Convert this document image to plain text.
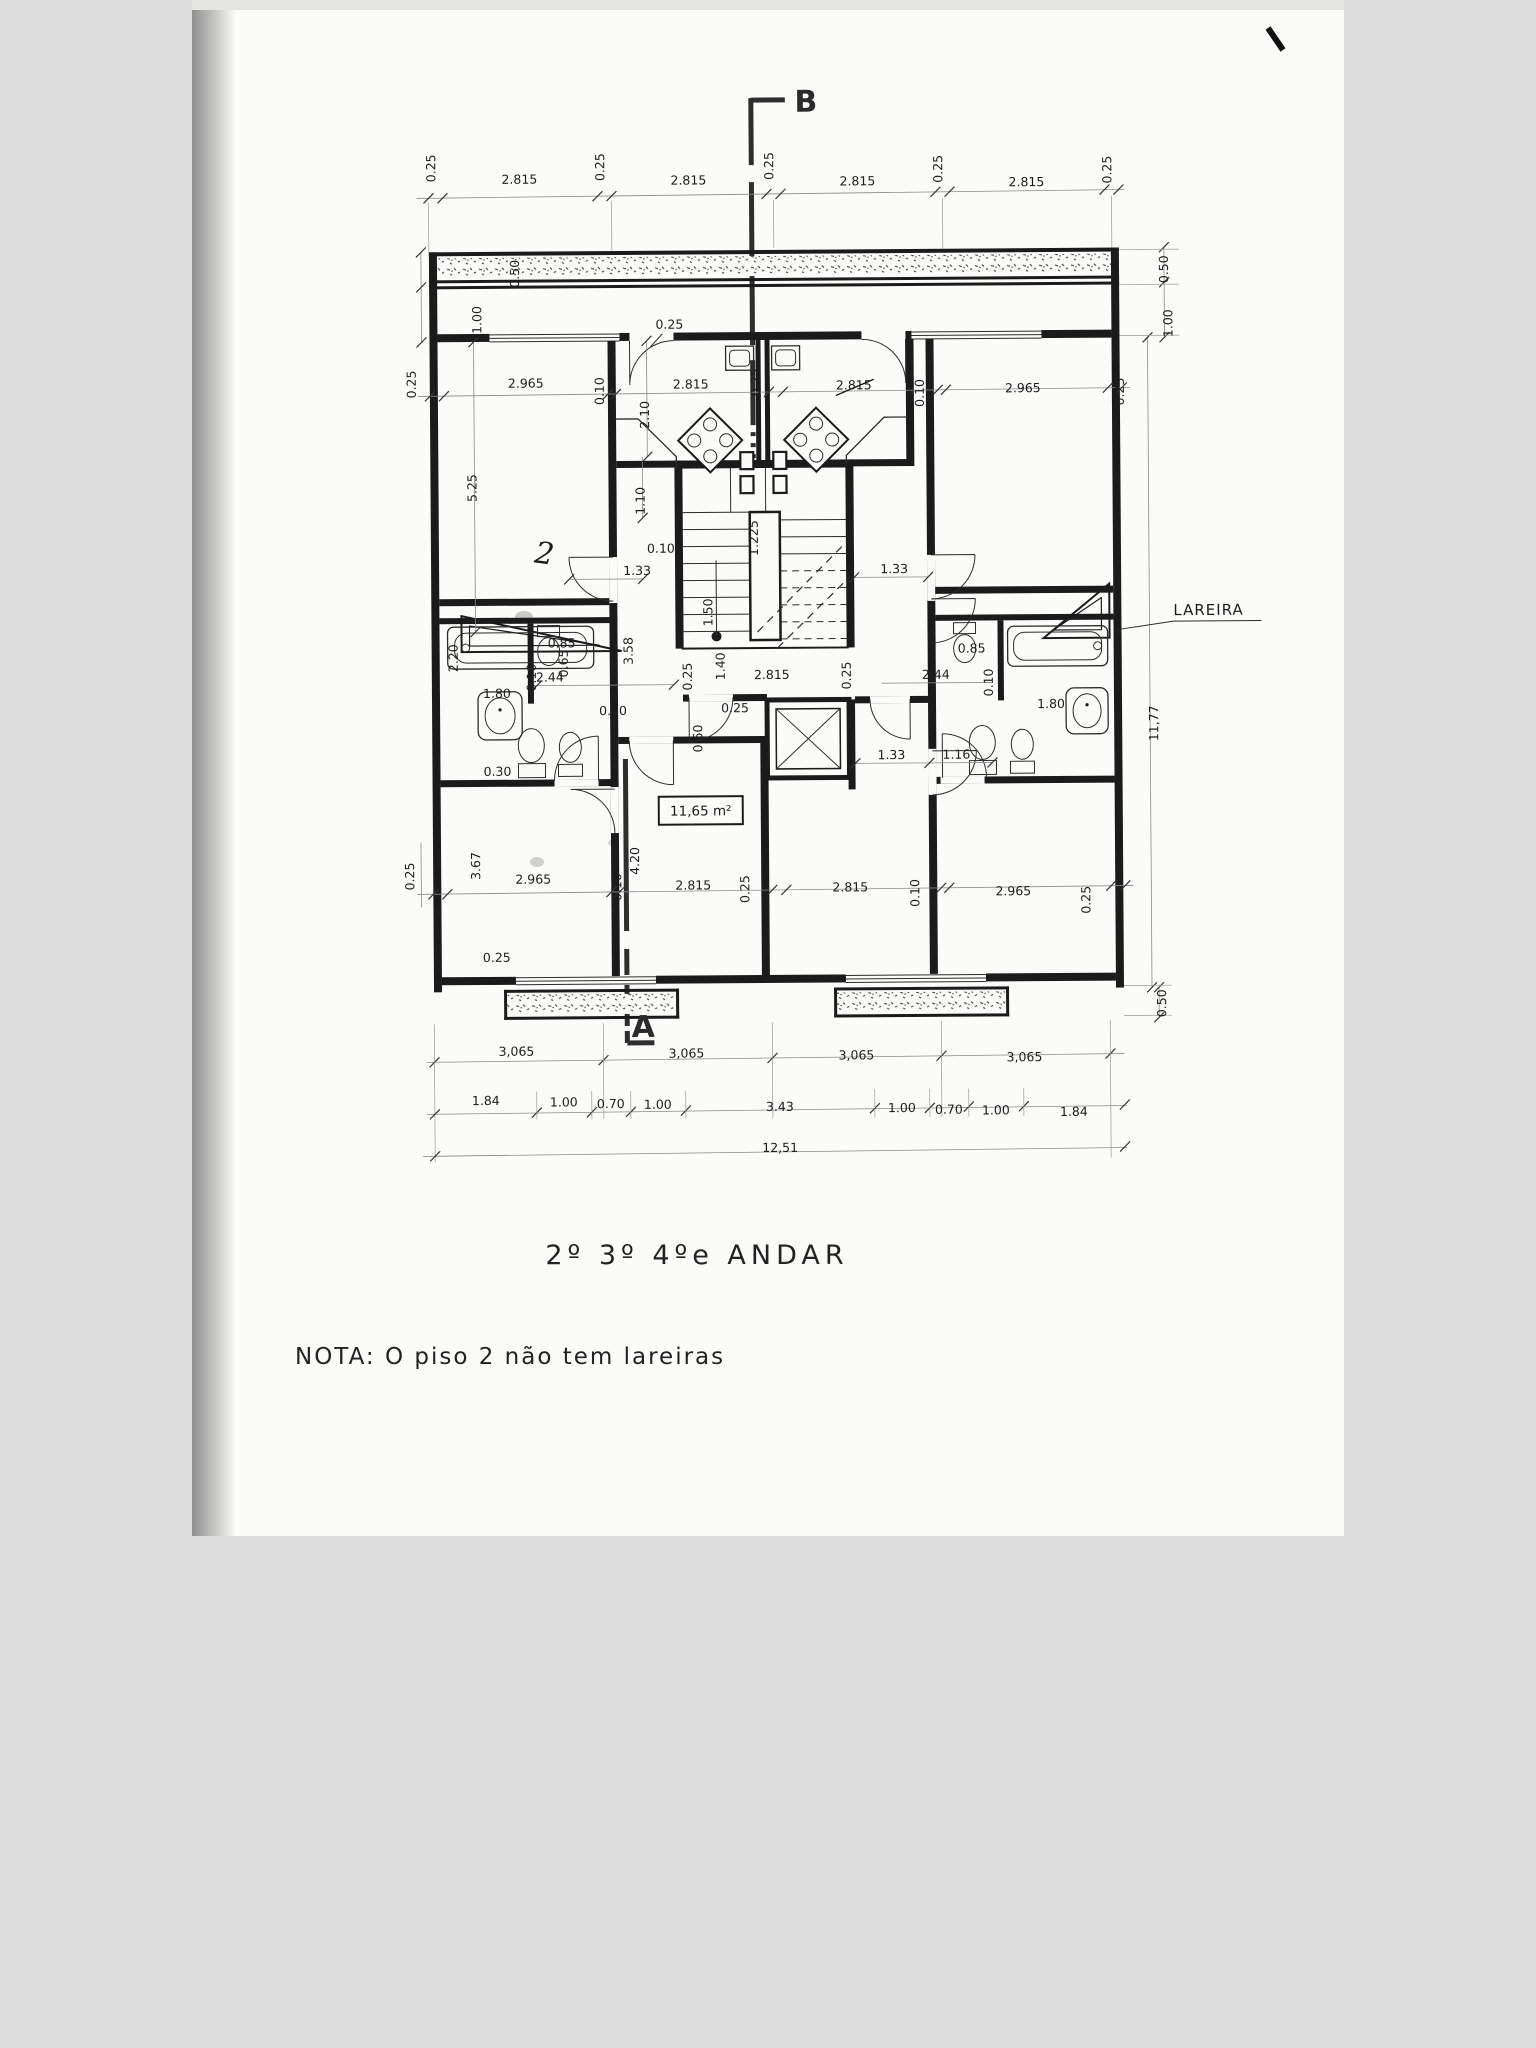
B
A
LAREIRA
11,65 m²
2
0.25	2.815	0.25	2.815
0.25
2.815	0.25	2.815	0.25
0.50
1.00	0.25
0.25	2.965	0.10	2.815	0.25	2.815	0.10	2.965	0.25
0.50
1.00
11,77
0.50
5.25
2.10
1.10
1.225
0.10
1.33	1.33
1.50
3.58
2.20
0.85
0.65
2.44
1.80
0.10
0.30
0.25 1.40 2.815	0.25
0.25
0.60
0.10
2.44
0.85
0.10
1.80
1.33	1.16
3.67
0.25	2.965	0.10
4.20
2.815 0.25	2.815	0.10	2.965	0.25
0.25
3,065	3,065	3,065	3,065
1.84	1.00 0.70 1.00	3.43	1.00 0.70 1.00	1.84
12,51
2º 3º 4ºe ANDAR
NOTA: O piso 2 não tem lareiras
